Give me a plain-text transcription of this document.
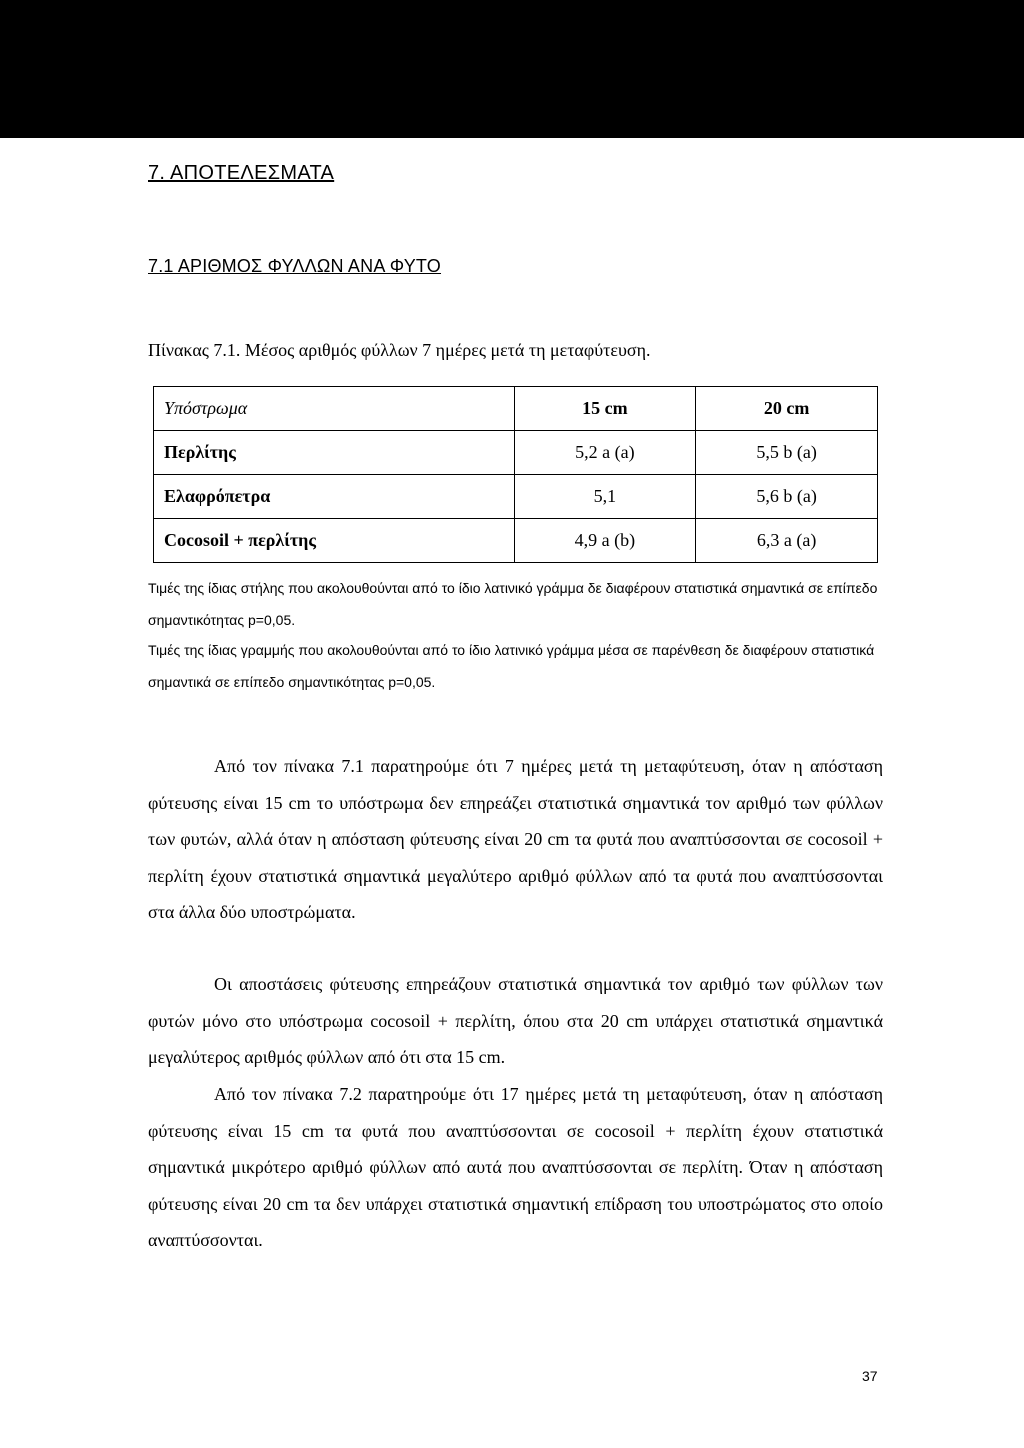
7. ΑΠΟΤΕΛΕΣΜΑΤΑ
7.1 ΑΡΙΘΜΟΣ ΦΥΛΛΩΝ ΑΝΑ ΦΥΤΟ
Πίνακας 7.1. Μέσος αριθμός φύλλων 7 ημέρες μετά τη μεταφύτευση.
Υπόστρωμα	15 cm	20 cm
Περλίτης	5,2 a (a)	5,5 b (a)
Ελαφρόπετρα	5,1	5,6 b (a)
Cocosoil + περλίτης	4,9 a (b)	6,3 a (a)
Τιμές της ίδιας στήλης που ακολουθούνται από το ίδιο λατινικό γράμμα δε διαφέρουν στατιστικά σημαντικά σε επίπεδο σημαντικότητας p=0,05.
Τιμές της ίδιας γραμμής που ακολουθούνται από το ίδιο λατινικό γράμμα μέσα σε παρένθεση δε διαφέρουν στατιστικά σημαντικά σε επίπεδο σημαντικότητας p=0,05.

Από τον πίνακα 7.1 παρατηρούμε ότι 7 ημέρες μετά τη μεταφύτευση, όταν η απόσταση φύτευσης είναι 15 cm το υπόστρωμα δεν επηρεάζει στατιστικά σημαντικά τον αριθμό των φύλλων των φυτών, αλλά όταν η απόσταση φύτευσης είναι 20 cm τα φυτά που αναπτύσσονται σε cocosoil + περλίτη έχουν στατιστικά σημαντικά μεγαλύτερο αριθμό φύλλων από τα φυτά που αναπτύσσονται στα άλλα δύο υποστρώματα.

Οι αποστάσεις φύτευσης επηρεάζουν στατιστικά σημαντικά τον αριθμό των φύλλων των φυτών μόνο στο υπόστρωμα cocosoil + περλίτη, όπου στα 20 cm υπάρχει στατιστικά σημαντικά μεγαλύτερος αριθμός φύλλων από ότι στα 15 cm.

Από τον πίνακα 7.2 παρατηρούμε ότι 17 ημέρες μετά τη μεταφύτευση, όταν η απόσταση φύτευσης είναι 15 cm τα φυτά που αναπτύσσονται σε cocosoil + περλίτη έχουν στατιστικά σημαντικά μικρότερο αριθμό φύλλων από αυτά που αναπτύσσονται σε περλίτη. Όταν η απόσταση φύτευσης είναι 20 cm τα δεν υπάρχει στατιστικά σημαντική επίδραση του υποστρώματος στο οποίο αναπτύσσονται.

37
